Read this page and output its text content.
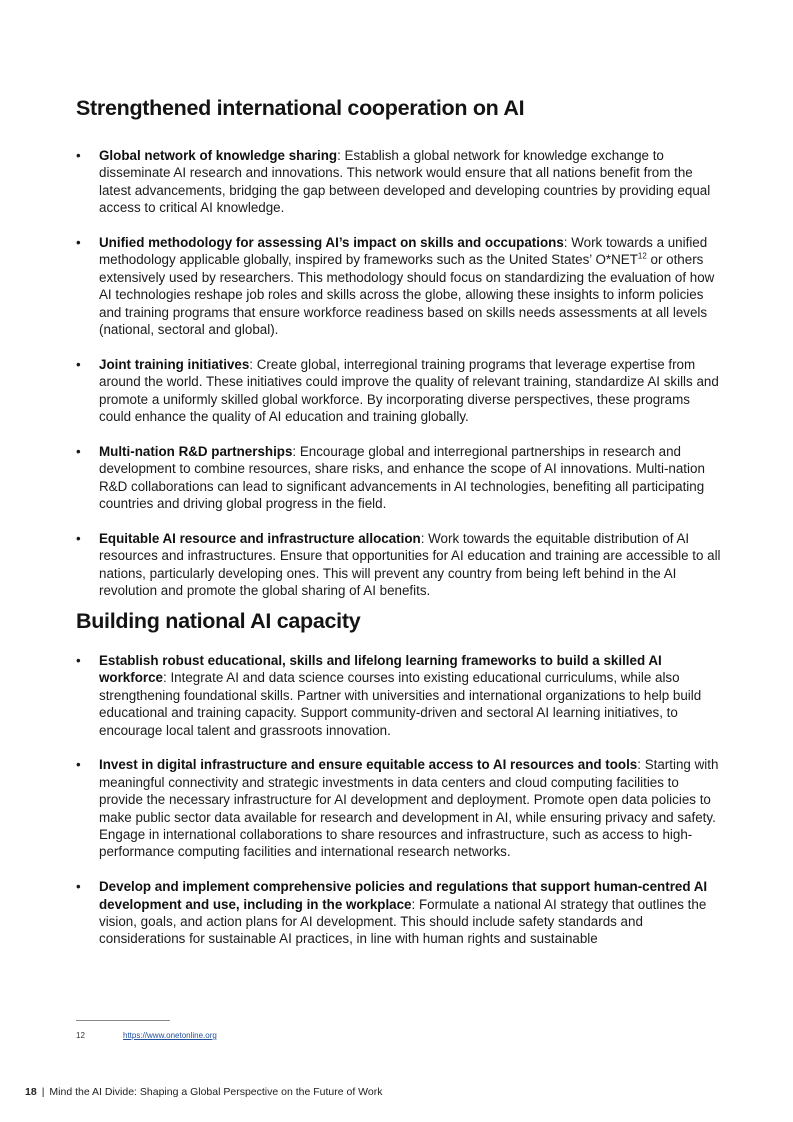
Strengthened international cooperation on AI
• Global network of knowledge sharing: Establish a global network for knowledge exchange to disseminate AI research and innovations. This network would ensure that all nations benefit from the latest advancements, bridging the gap between developed and developing countries by providing equal access to critical AI knowledge.
• Unified methodology for assessing AI’s impact on skills and occupations: Work towards a unified methodology applicable globally, inspired by frameworks such as the United States’ O*NET$^{12}$ or others extensively used by researchers. This methodology should focus on standardizing the evaluation of how AI technologies reshape job roles and skills across the globe, allowing these insights to inform policies and training programs that ensure workforce readiness based on skills needs assessments at all levels (national, sectoral and global).
• Joint training initiatives: Create global, interregional training programs that leverage expertise from around the world. These initiatives could improve the quality of relevant training, standardize AI skills and promote a uniformly skilled global workforce. By incorporating diverse perspectives, these programs could enhance the quality of AI education and training globally.
• Multi-nation R&D partnerships: Encourage global and interregional partnerships in research and development to combine resources, share risks, and enhance the scope of AI innovations. Multi-nation R&D collaborations can lead to significant advancements in AI technologies, benefiting all participating countries and driving global progress in the field.
• Equitable AI resource and infrastructure allocation: Work towards the equitable distribution of AI resources and infrastructures. Ensure that opportunities for AI education and training are accessible to all nations, particularly developing ones. This will prevent any country from being left behind in the AI revolution and promote the global sharing of AI benefits.
Building national AI capacity
• Establish robust educational, skills and lifelong learning frameworks to build a skilled AI workforce: Integrate AI and data science courses into existing educational curriculums, while also strengthening foundational skills. Partner with universities and international organizations to help build educational and training capacity. Support community-driven and sectoral AI learning initiatives, to encourage local talent and grassroots innovation.
• Invest in digital infrastructure and ensure equitable access to AI resources and tools: Starting with meaningful connectivity and strategic investments in data centers and cloud computing facilities to provide the necessary infrastructure for AI development and deployment. Promote open data policies to make public sector data available for research and development in AI, while ensuring privacy and safety. Engage in international collaborations to share resources and infrastructure, such as access to high-performance computing facilities and international research networks.
• Develop and implement comprehensive policies and regulations that support human-centred AI development and use, including in the workplace: Formulate a national AI strategy that outlines the vision, goals, and action plans for AI development. This should include safety standards and considerations for sustainable AI practices, in line with human rights and sustainable
12	https://www.onetonline.org
18 | Mind the AI Divide: Shaping a Global Perspective on the Future of Work
